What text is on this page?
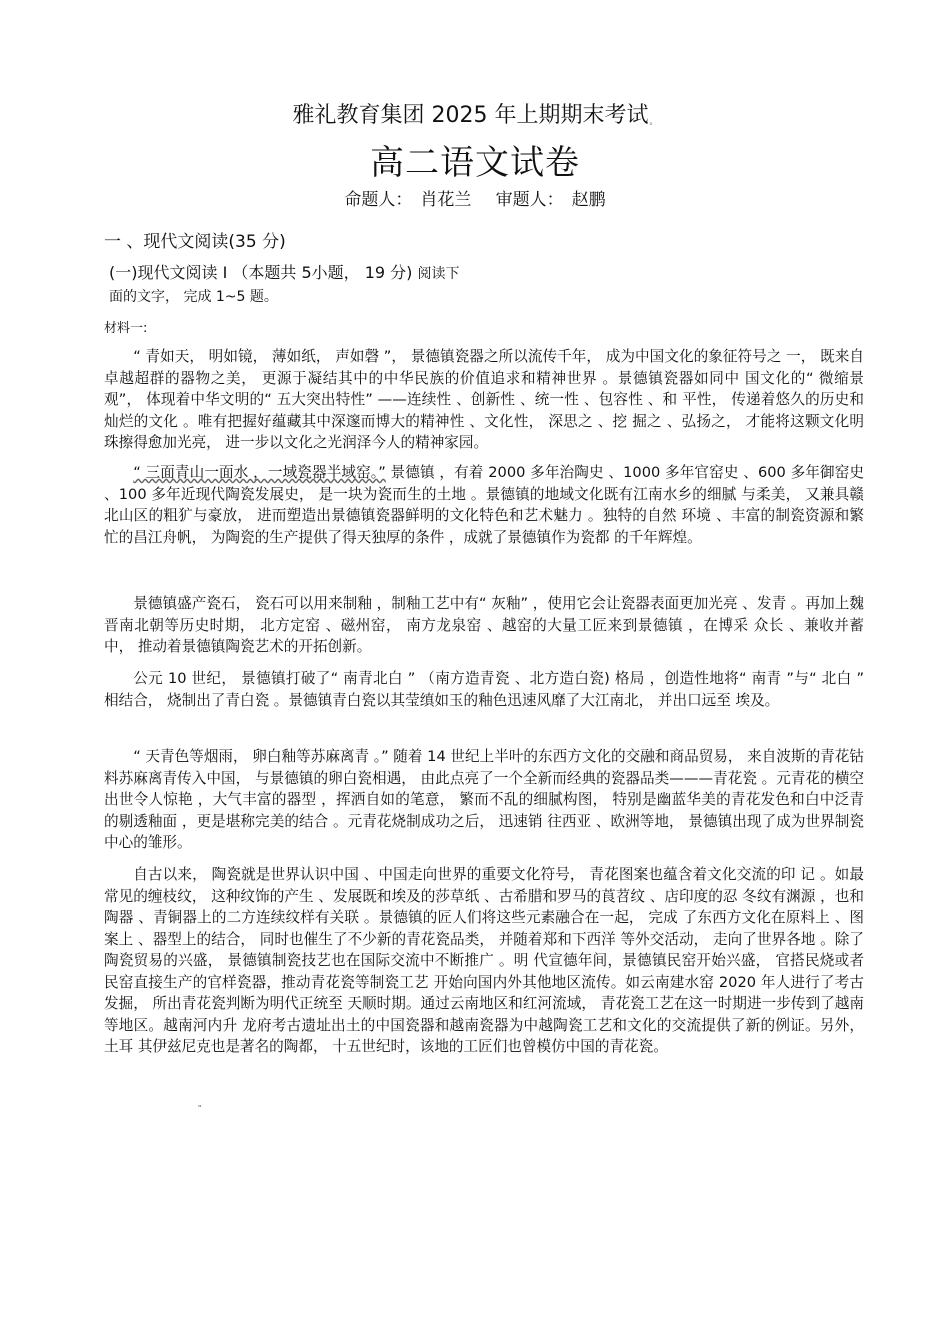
雅礼教育集团 2025 年上期期末考试。
高二语文试卷
命题人： 肖花兰 审题人： 赵鹏
一 、现代文阅读(35 分)
(一)现代文阅读 Ⅰ （本题共 5小题， 19 分) 阅读下面的文字， 完成 1~5 题。
材料一:

“ 青如天， 明如镜， 薄如纸， 声如磬 ”， 景德镇瓷器之所以流传千年， 成为中国文化的象征符号之 一， 既来自卓越超群的器物之美， 更源于凝结其中的中华民族的价值追求和精神世界 。景德镇瓷器如同中 国文化的“ 微缩景观”， 体现着中华文明的“ 五大突出特性” ——连续性 、创新性 、统一性 、包容性 、和 平性， 传递着悠久的历史和灿烂的文化 。唯有把握好蕴藏其中深邃而博大的精神性 、文化性， 深思之 、挖 掘之 、弘扬之， 才能将这颗文化明珠擦得愈加光亮， 进一步以文化之光润泽今人的精神家园。

“ 三面青山一面水 ，一域瓷器半域窑。” 景德镇 ，有着 2000 多年治陶史 、1000 多年官窑史 、600 多年御窑史 、100 多年近现代陶瓷发展史， 是一块为瓷而生的土地 。景德镇的地域文化既有江南水乡的细腻 与柔美， 又兼具赣北山区的粗犷与豪放， 进而塑造出景德镇瓷器鲜明的文化特色和艺术魅力 。独特的自然 环境 、丰富的制瓷资源和繁忙的昌江舟帆， 为陶瓷的生产提供了得天独厚的条件 ，成就了景德镇作为瓷都 的千年辉煌。

景德镇盛产瓷石， 瓷石可以用来制釉 ，制釉工艺中有“ 灰釉” ，使用它会让瓷器表面更加光亮 、发青 。再加上魏晋南北朝等历史时期， 北方定窑 、磁州窑， 南方龙泉窑 、越窑的大量工匠来到景德镇 ，在博采 众长 、兼收并蓄中， 推动着景德镇陶瓷艺术的开拓创新。

公元 10 世纪， 景德镇打破了“ 南青北白 ” （南方造青瓷 、北方造白瓷) 格局 ，创造性地将“ 南青 ”与“ 北白 ” 相结合， 烧制出了青白瓷 。景德镇青白瓷以其莹缜如玉的釉色迅速风靡了大江南北， 并出口远至 埃及。

“ 天青色等烟雨， 卵白釉等苏麻离青 。” 随着 14 世纪上半叶的东西方文化的交融和商品贸易， 来自波斯的青花钴料苏麻离青传入中国， 与景德镇的卵白瓷相遇， 由此点亮了一个全新而经典的瓷器品类———青花瓷 。元青花的横空出世令人惊艳 ，大气丰富的器型 ，挥洒自如的笔意， 繁而不乱的细腻构图， 特别是幽蓝华美的青花发色和白中泛青的剔透釉面 ，更是堪称完美的结合 。元青花烧制成功之后， 迅速销 往西亚 、欧洲等地， 景德镇出现了成为世界制瓷中心的雏形。

自古以来， 陶瓷就是世界认识中国 、中国走向世界的重要文化符号， 青花图案也蕴含着文化交流的印 记 。如最常见的缠枝纹， 这种纹饰的产生 、发展既和埃及的莎草纸 、古希腊和罗马的莨苕纹 、店印度的忍 冬纹有渊源 ，也和陶器 、青铜器上的二方连续纹样有关联 。景德镇的匠人们将这些元素融合在一起， 完成 了东西方文化在原料上 、图案上 、器型上的结合， 同时也催生了不少新的青花瓷品类， 并随着郑和下西洋 等外交活动， 走向了世界各地 。除了陶瓷贸易的兴盛， 景德镇制瓷技艺也在国际交流中不断推广 。明 代宣德年间，景德镇民窑开始兴盛， 官搭民烧或者民窑直接生产的官样瓷器，推动青花瓷等制瓷工艺 开始向国内外其他地区流传。如云南建水窑 2020 年人进行了考古发掘， 所出青花瓷判断为明代正统至 天顺时期。通过云南地区和红河流域， 青花瓷工艺在这一时期进一步传到了越南等地区。越南河内升 龙府考古遗址出土的中国瓷器和越南瓷器为中越陶瓷工艺和文化的交流提供了新的例证。另外， 土耳 其伊兹尼克也是著名的陶都， 十五世纪时，该地的工匠们也曾模仿中国的青花瓷。

"
